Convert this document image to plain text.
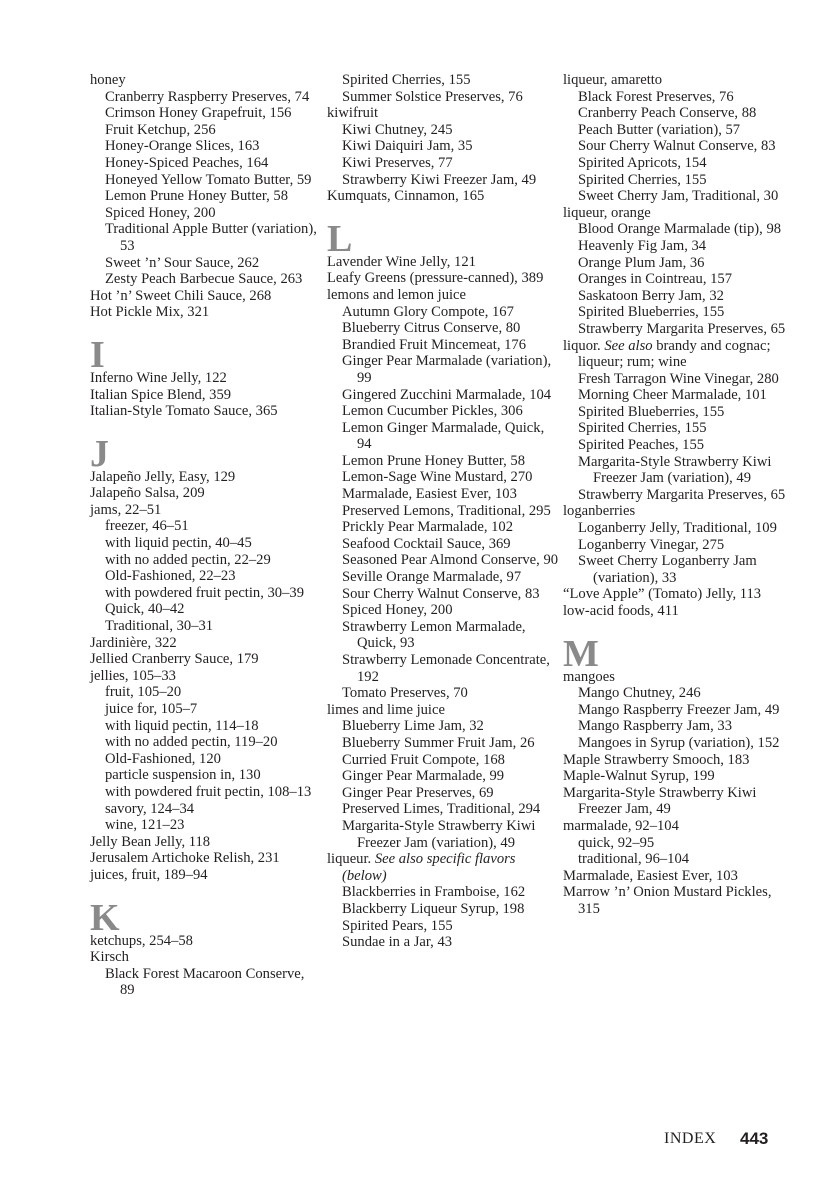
honey
Cranberry Raspberry Preserves, 74
Crimson Honey Grapefruit, 156
Fruit Ketchup, 256
Honey-Orange Slices, 163
Honey-Spiced Peaches, 164
Honeyed Yellow Tomato Butter, 59
Lemon Prune Honey Butter, 58
Spiced Honey, 200
Traditional Apple Butter (variation), 53
Sweet ’n’ Sour Sauce, 262
Zesty Peach Barbecue Sauce, 263
Hot ’n’ Sweet Chili Sauce, 268
Hot Pickle Mix, 321
I
Inferno Wine Jelly, 122
Italian Spice Blend, 359
Italian-Style Tomato Sauce, 365
J
Jalapeño Jelly, Easy, 129
Jalapeño Salsa, 209
jams, 22–51
freezer, 46–51
with liquid pectin, 40–45
with no added pectin, 22–29
Old-Fashioned, 22–23
with powdered fruit pectin, 30–39
Quick, 40–42
Traditional, 30–31
Jardinière, 322
Jellied Cranberry Sauce, 179
jellies, 105–33
fruit, 105–20
juice for, 105–7
with liquid pectin, 114–18
with no added pectin, 119–20
Old-Fashioned, 120
particle suspension in, 130
with powdered fruit pectin, 108–13
savory, 124–34
wine, 121–23
Jelly Bean Jelly, 118
Jerusalem Artichoke Relish, 231
juices, fruit, 189–94
K
ketchups, 254–58
Kirsch
Black Forest Macaroon Conserve, 89
Spirited Cherries, 155
Summer Solstice Preserves, 76
kiwifruit
Kiwi Chutney, 245
Kiwi Daiquiri Jam, 35
Kiwi Preserves, 77
Strawberry Kiwi Freezer Jam, 49
Kumquats, Cinnamon, 165
L
Lavender Wine Jelly, 121
Leafy Greens (pressure-canned), 389
lemons and lemon juice
Autumn Glory Compote, 167
Blueberry Citrus Conserve, 80
Brandied Fruit Mincemeat, 176
Ginger Pear Marmalade (variation), 99
Gingered Zucchini Marmalade, 104
Lemon Cucumber Pickles, 306
Lemon Ginger Marmalade, Quick, 94
Lemon Prune Honey Butter, 58
Lemon-Sage Wine Mustard, 270
Marmalade, Easiest Ever, 103
Preserved Lemons, Traditional, 295
Prickly Pear Marmalade, 102
Seafood Cocktail Sauce, 369
Seasoned Pear Almond Conserve, 90
Seville Orange Marmalade, 97
Sour Cherry Walnut Conserve, 83
Spiced Honey, 200
Strawberry Lemon Marmalade, Quick, 93
Strawberry Lemonade Concentrate, 192
Tomato Preserves, 70
limes and lime juice
Blueberry Lime Jam, 32
Blueberry Summer Fruit Jam, 26
Curried Fruit Compote, 168
Ginger Pear Marmalade, 99
Ginger Pear Preserves, 69
Preserved Limes, Traditional, 294
Margarita-Style Strawberry Kiwi Freezer Jam (variation), 49
liqueur. See also specific flavors (below)
Blackberries in Framboise, 162
Blackberry Liqueur Syrup, 198
Spirited Pears, 155
Sundae in a Jar, 43
liqueur, amaretto
Black Forest Preserves, 76
Cranberry Peach Conserve, 88
Peach Butter (variation), 57
Sour Cherry Walnut Conserve, 83
Spirited Apricots, 154
Spirited Cherries, 155
Sweet Cherry Jam, Traditional, 30
liqueur, orange
Blood Orange Marmalade (tip), 98
Heavenly Fig Jam, 34
Orange Plum Jam, 36
Oranges in Cointreau, 157
Saskatoon Berry Jam, 32
Spirited Blueberries, 155
Strawberry Margarita Preserves, 65
liquor. See also brandy and cognac; liqueur; rum; wine
Fresh Tarragon Wine Vinegar, 280
Morning Cheer Marmalade, 101
Spirited Blueberries, 155
Spirited Cherries, 155
Spirited Peaches, 155
Margarita-Style Strawberry Kiwi Freezer Jam (variation), 49
Strawberry Margarita Preserves, 65
loganberries
Loganberry Jelly, Traditional, 109
Loganberry Vinegar, 275
Sweet Cherry Loganberry Jam (variation), 33
“Love Apple” (Tomato) Jelly, 113
low-acid foods, 411
M
mangoes
Mango Chutney, 246
Mango Raspberry Freezer Jam, 49
Mango Raspberry Jam, 33
Mangoes in Syrup (variation), 152
Maple Strawberry Smooch, 183
Maple-Walnut Syrup, 199
Margarita-Style Strawberry Kiwi Freezer Jam, 49
marmalade, 92–104
quick, 92–95
traditional, 96–104
Marmalade, Easiest Ever, 103
Marrow ’n’ Onion Mustard Pickles, 315
INDEX 443
